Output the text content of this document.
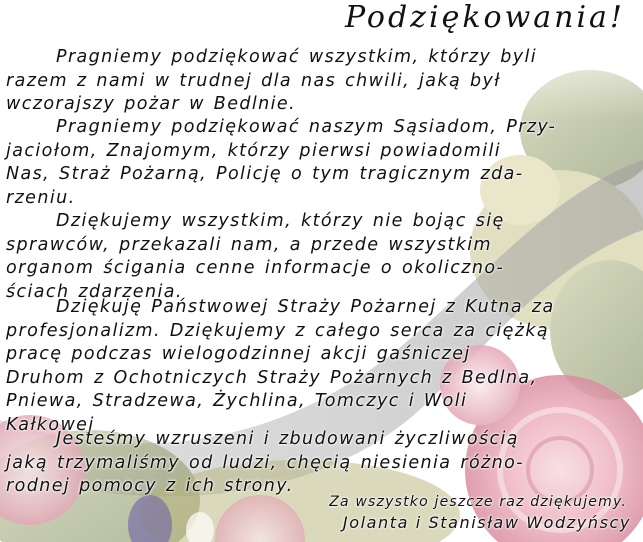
Podziękowania!

Pragniemy podziękować wszystkim, którzy byli
razem z nami w trudnej dla nas chwili, jaką był
wczorajszy pożar w Bedlnie.

Pragniemy podziękować naszym Sąsiadom, Przy-
jaciołom, Znajomym, którzy pierwsi powiadomili
Nas, Straż Pożarną, Policję o tym tragicznym zda-
rzeniu.

Dziękujemy wszystkim, którzy nie bojąc się
sprawców, przekazali nam, a przede wszystkim
organom ścigania cenne informacje o okoliczno-
ściach zdarzenia.

Dziękuję Państwowej Straży Pożarnej z Kutna za
profesjonalizm. Dziękujemy z całego serca za ciężką
pracę podczas wielogodzinnej akcji gaśniczej
Druhom z Ochotniczych Straży Pożarnych z Bedlna,
Pniewa, Stradzewa, Żychlina, Tomczyc i Woli
Kałkowej

Jesteśmy wzruszeni i zbudowani życzliwością
jaką trzymaliśmy od ludzi, chęcią niesienia różno-
rodnej pomocy z ich strony.

Za wszystko jeszcze raz dziękujemy.

Jolanta i Stanisław Wodzyńscy
